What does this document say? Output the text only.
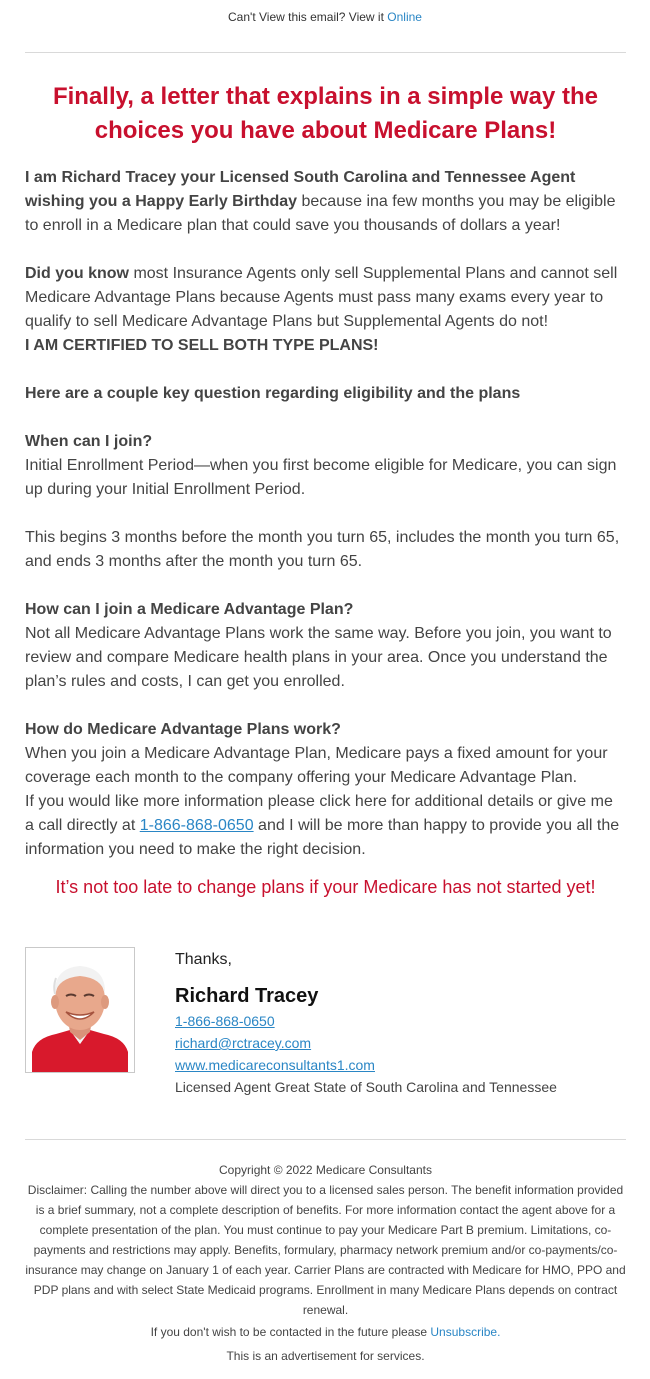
Can't View this email? View it Online
Finally, a letter that explains in a simple way the
choices you have about Medicare Plans!

I am Richard Tracey your Licensed South Carolina and Tennessee Agent wishing you a Happy Early Birthday because ina few months you may be eligible to enroll in a Medicare plan that could save you thousands of dollars a year!

Did you know most Insurance Agents only sell Supplemental Plans and cannot sell Medicare Advantage Plans because Agents must pass many exams every year to qualify to sell Medicare Advantage Plans but Supplemental Agents do not!
I AM CERTIFIED TO SELL BOTH TYPE PLANS!

Here are a couple key question regarding eligibility and the plans

When can I join?
Initial Enrollment Period—when you first become eligible for Medicare, you can sign up during your Initial Enrollment Period.

This begins 3 months before the month you turn 65, includes the month you turn 65, and ends 3 months after the month you turn 65.

How can I join a Medicare Advantage Plan?
Not all Medicare Advantage Plans work the same way. Before you join, you want to review and compare Medicare health plans in your area. Once you understand the plan’s rules and costs, I can get you enrolled.

How do Medicare Advantage Plans work?
When you join a Medicare Advantage Plan, Medicare pays a fixed amount for your coverage each month to the company offering your Medicare Advantage Plan.
If you would like more information please click here for additional details or give me a call directly at 1-866-868-0650 and I will be more than happy to provide you all the information you need to make the right decision.

It’s not too late to change plans if your Medicare has not started yet!
Thanks,
Richard Tracey
1-866-868-0650
richard@rctracey.com
www.medicareconsultants1.com
Licensed Agent Great State of South Carolina and Tennessee

Copyright © 2022 Medicare Consultants

Disclaimer: Calling the number above will direct you to a licensed sales person. The benefit information provided is a brief summary, not a complete description of benefits. For more information contact the agent above for a complete presentation of the plan. You must continue to pay your Medicare Part B premium. Limitations, co-payments and restrictions may apply. Benefits, formulary, pharmacy network premium and/or co-payments/co-insurance may change on January 1 of each year. Carrier Plans are contracted with Medicare for HMO, PPO and PDP plans and with select State Medicaid programs. Enrollment in many Medicare Plans depends on contract renewal.

If you don't wish to be contacted in the future please Unsubscribe.

This is an advertisement for services.
